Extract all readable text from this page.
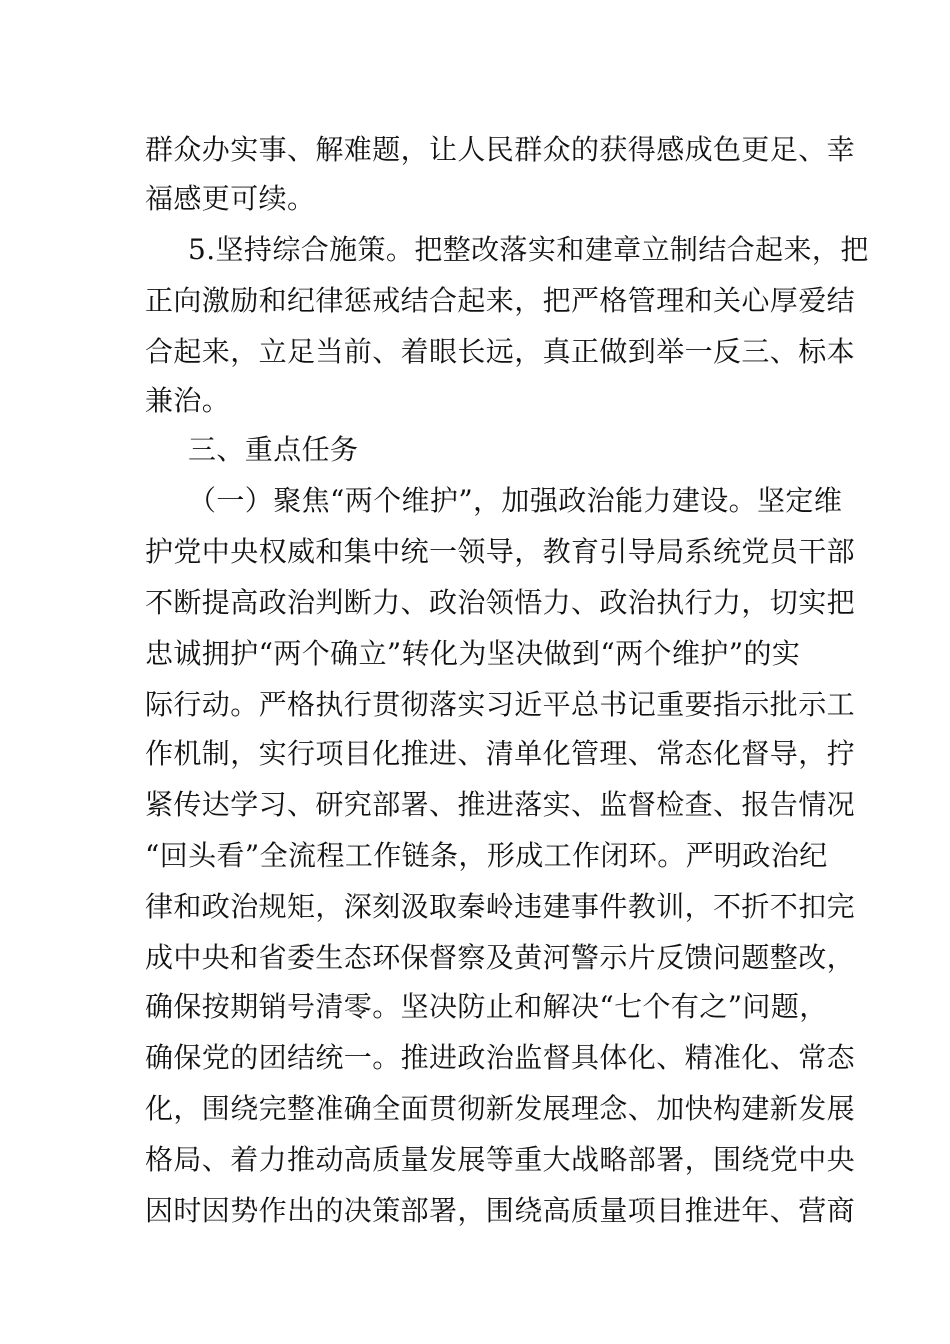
群众办实事、解难题，让人民群众的获得感成色更足、幸
福感更可续。
5.坚持综合施策。把整改落实和建章立制结合起来，把
正向激励和纪律惩戒结合起来，把严格管理和关心厚爱结
合起来，立足当前、着眼长远，真正做到举一反三、标本
兼治。
三、重点任务
（一）聚焦“两个维护”，加强政治能力建设。坚定维
护党中央权威和集中统一领导，教育引导局系统党员干部
不断提高政治判断力、政治领悟力、政治执行力，切实把
忠诚拥护“两个确立”转化为坚决做到“两个维护”的实
际行动。严格执行贯彻落实习近平总书记重要指示批示工
作机制，实行项目化推进、清单化管理、常态化督导，拧
紧传达学习、研究部署、推进落实、监督检查、报告情况
“回头看”全流程工作链条，形成工作闭环。严明政治纪
律和政治规矩，深刻汲取秦岭违建事件教训，不折不扣完
成中央和省委生态环保督察及黄河警示片反馈问题整改，
确保按期销号清零。坚决防止和解决“七个有之”问题，
确保党的团结统一。推进政治监督具体化、精准化、常态
化，围绕完整准确全面贯彻新发展理念、加快构建新发展
格局、着力推动高质量发展等重大战略部署，围绕党中央
因时因势作出的决策部署，围绕高质量项目推进年、营商
